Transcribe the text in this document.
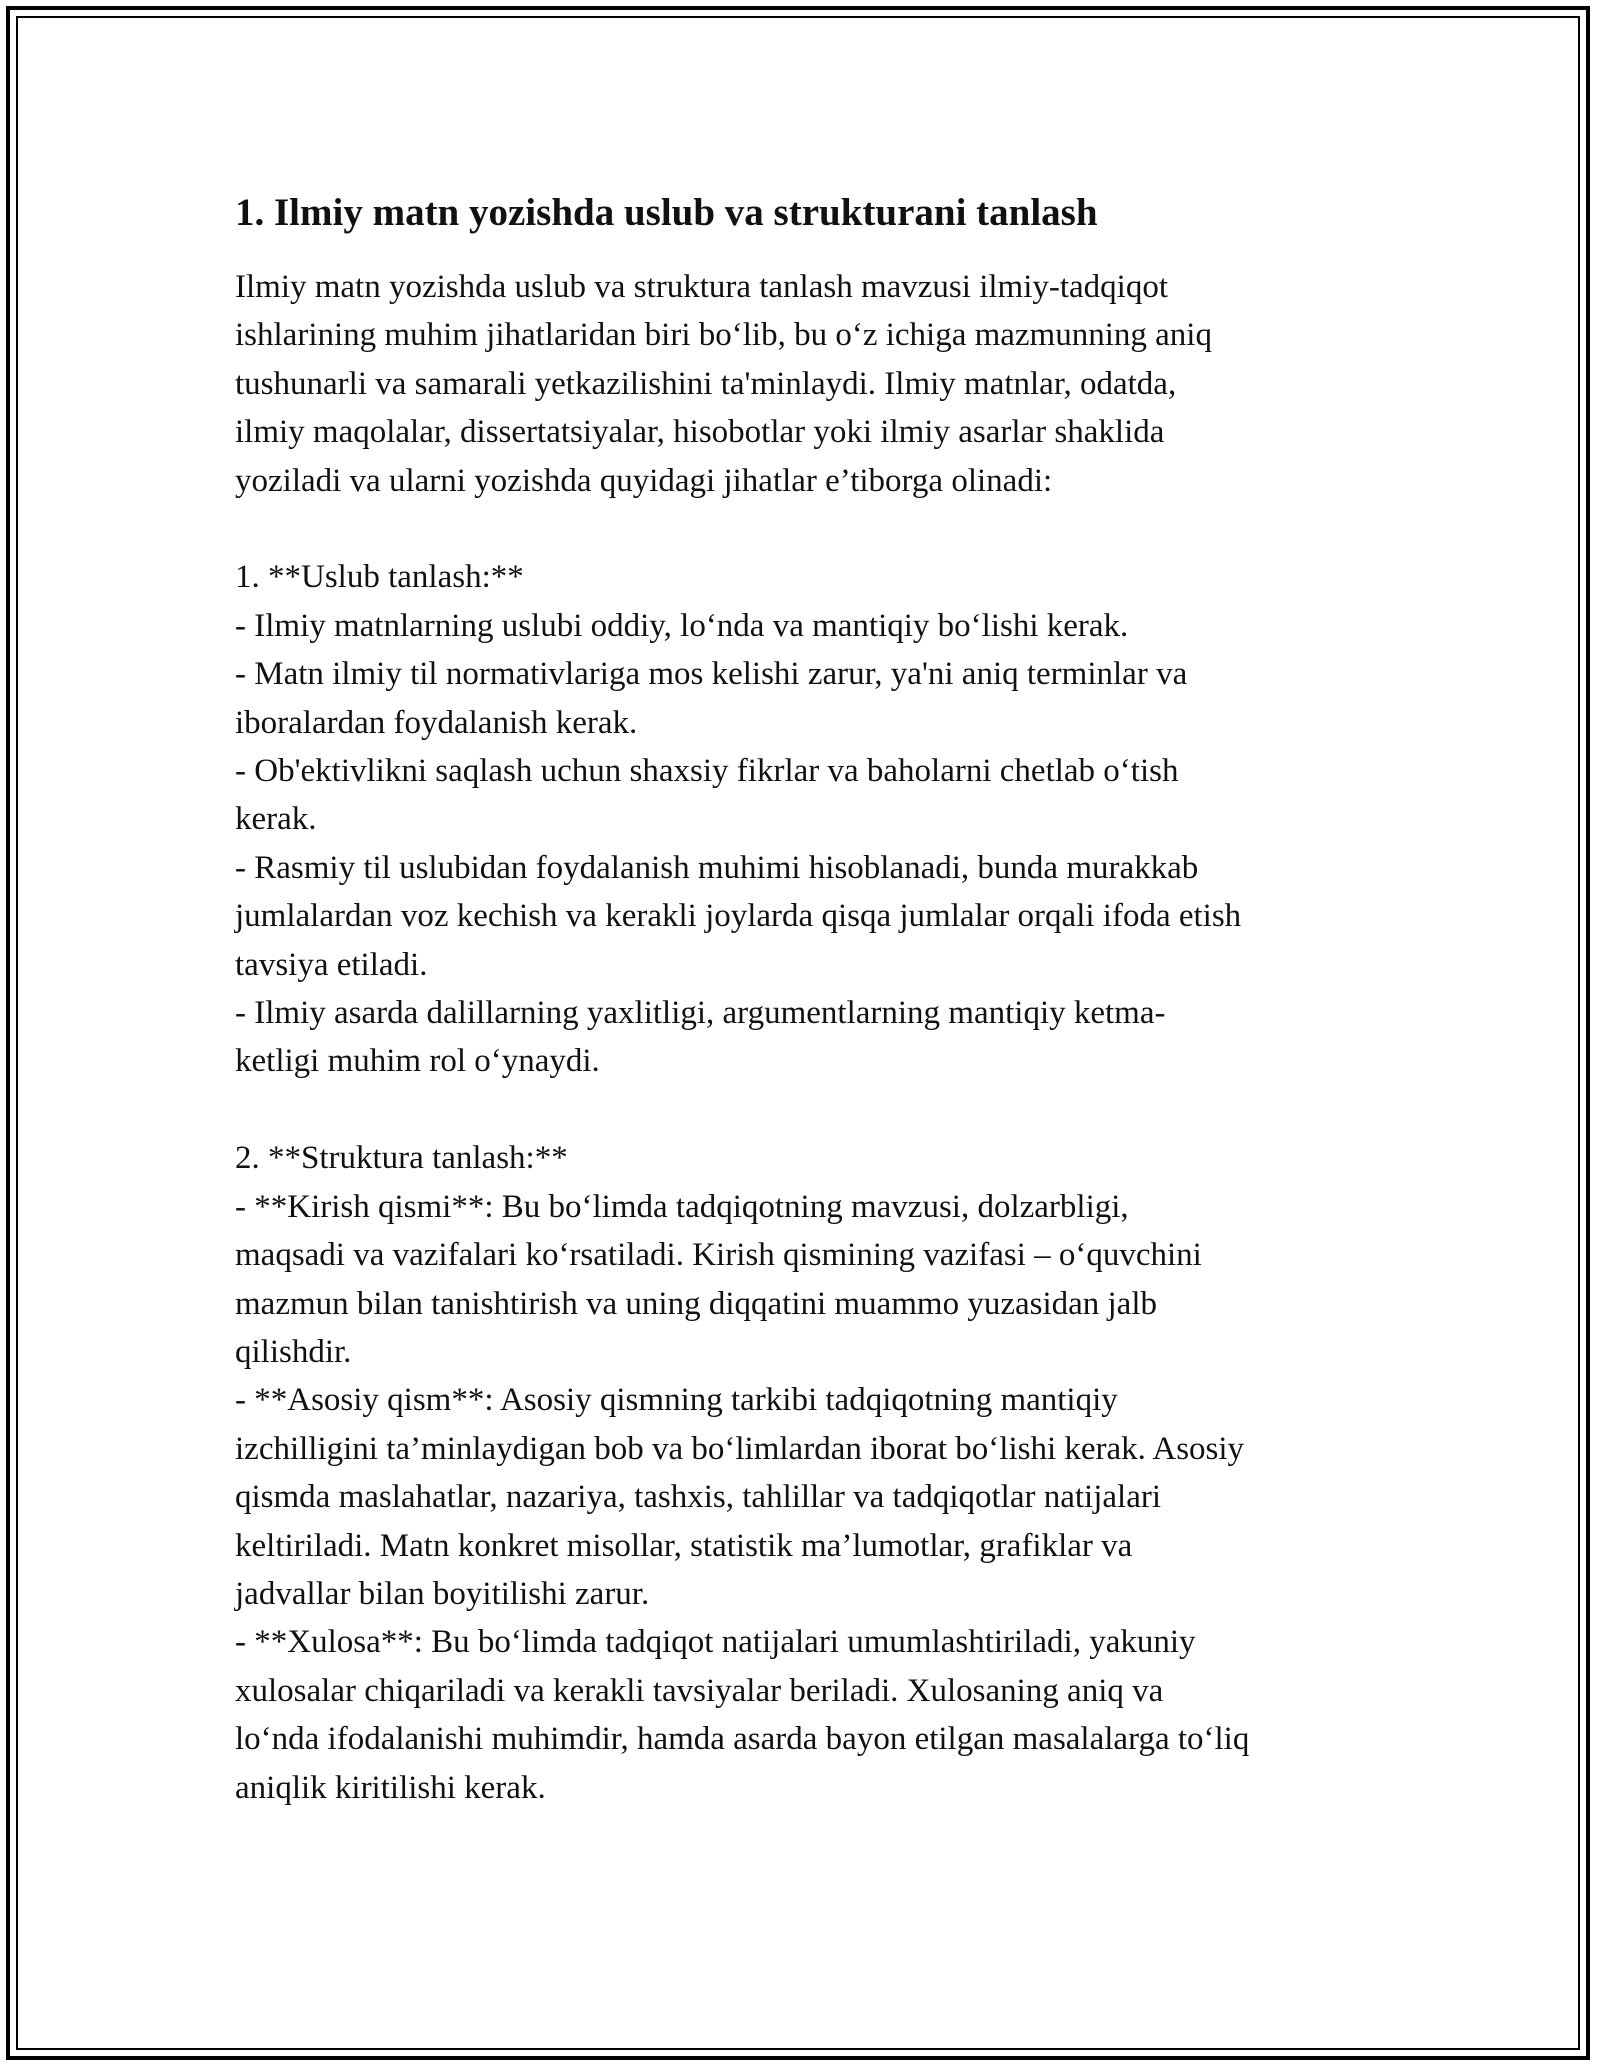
1. Ilmiy matn yozishda uslub va strukturani tanlash

Ilmiy matn yozishda uslub va struktura tanlash mavzusi ilmiy-tadqiqot
ishlarining muhim jihatlaridan biri bo‘lib, bu o‘z ichiga mazmunning aniq
tushunarli va samarali yetkazilishini ta'minlaydi. Ilmiy matnlar, odatda,
ilmiy maqolalar, dissertatsiyalar, hisobotlar yoki ilmiy asarlar shaklida
yoziladi va ularni yozishda quyidagi jihatlar e’tiborga olinadi:

1. **Uslub tanlash:**
- Ilmiy matnlarning uslubi oddiy, lo‘nda va mantiqiy bo‘lishi kerak.
- Matn ilmiy til normativlariga mos kelishi zarur, ya'ni aniq terminlar va
iboralardan foydalanish kerak.
- Ob'ektivlikni saqlash uchun shaxsiy fikrlar va baholarni chetlab o‘tish
kerak.
- Rasmiy til uslubidan foydalanish muhimi hisoblanadi, bunda murakkab
jumlalardan voz kechish va kerakli joylarda qisqa jumlalar orqali ifoda etish
tavsiya etiladi.
- Ilmiy asarda dalillarning yaxlitligi, argumentlarning mantiqiy ketma-
ketligi muhim rol o‘ynaydi.

2. **Struktura tanlash:**
- **Kirish qismi**: Bu bo‘limda tadqiqotning mavzusi, dolzarbligi,
maqsadi va vazifalari ko‘rsatiladi. Kirish qismining vazifasi – o‘quvchini
mazmun bilan tanishtirish va uning diqqatini muammo yuzasidan jalb
qilishdir.
- **Asosiy qism**: Asosiy qismning tarkibi tadqiqotning mantiqiy
izchilligini ta’minlaydigan bob va bo‘limlardan iborat bo‘lishi kerak. Asosiy
qismda maslahatlar, nazariya, tashxis, tahlillar va tadqiqotlar natijalari
keltiriladi. Matn konkret misollar, statistik ma’lumotlar, grafiklar va
jadvallar bilan boyitilishi zarur.
- **Xulosa**: Bu bo‘limda tadqiqot natijalari umumlashtiriladi, yakuniy
xulosalar chiqariladi va kerakli tavsiyalar beriladi. Xulosaning aniq va
lo‘nda ifodalanishi muhimdir, hamda asarda bayon etilgan masalalarga to‘liq
aniqlik kiritilishi kerak.
